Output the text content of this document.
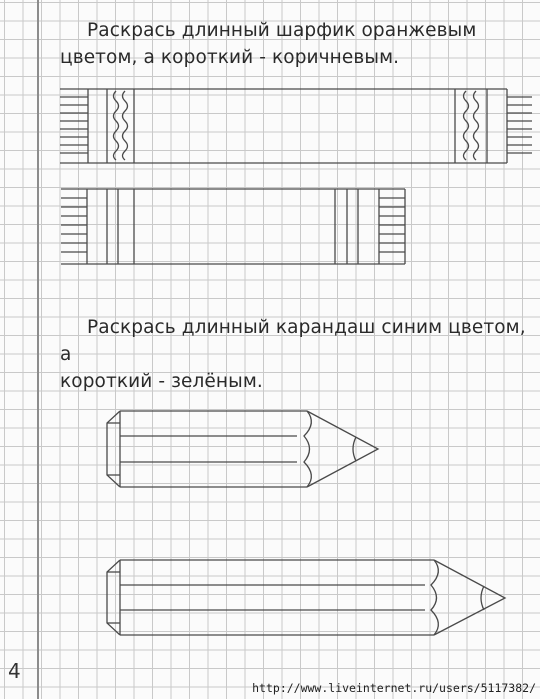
Раскрась длинный шарфик оранжевым
цветом, а короткий - коричневым.

Раскрась длинный карандаш синим цветом, а
короткий - зелёным.

4
http://www.liveinternet.ru/users/5117382/
